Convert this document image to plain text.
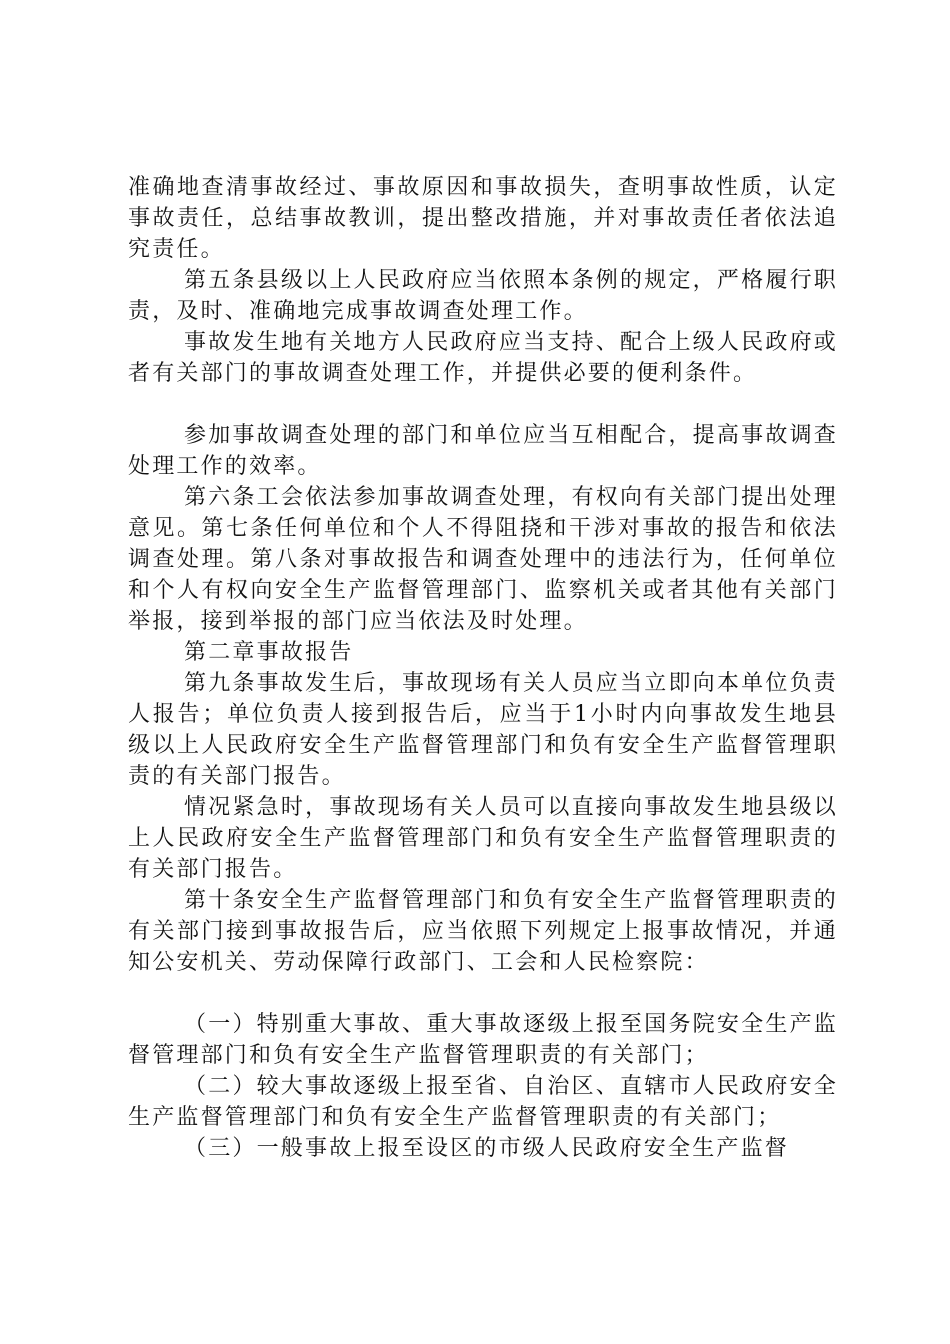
准确地查清事故经过、事故原因和事故损失，查明事故性质，认定事故责任，总结事故教训，提出整改措施，并对事故责任者依法追究责任。

第五条县级以上人民政府应当依照本条例的规定，严格履行职责，及时、准确地完成事故调查处理工作。

事故发生地有关地方人民政府应当支持、配合上级人民政府或者有关部门的事故调查处理工作，并提供必要的便利条件。

参加事故调查处理的部门和单位应当互相配合，提高事故调查处理工作的效率。

第六条工会依法参加事故调查处理，有权向有关部门提出处理意见。第七条任何单位和个人不得阻挠和干涉对事故的报告和依法调查处理。第八条对事故报告和调查处理中的违法行为，任何单位和个人有权向安全生产监督管理部门、监察机关或者其他有关部门举报，接到举报的部门应当依法及时处理。

第二章事故报告

第九条事故发生后，事故现场有关人员应当立即向本单位负责人报告；单位负责人接到报告后，应当于1小时内向事故发生地县级以上人民政府安全生产监督管理部门和负有安全生产监督管理职责的有关部门报告。

情况紧急时，事故现场有关人员可以直接向事故发生地县级以上人民政府安全生产监督管理部门和负有安全生产监督管理职责的有关部门报告。

第十条安全生产监督管理部门和负有安全生产监督管理职责的有关部门接到事故报告后，应当依照下列规定上报事故情况，并通知公安机关、劳动保障行政部门、工会和人民检察院：

（一）特别重大事故、重大事故逐级上报至国务院安全生产监督管理部门和负有安全生产监督管理职责的有关部门；

（二）较大事故逐级上报至省、自治区、直辖市人民政府安全生产监督管理部门和负有安全生产监督管理职责的有关部门；

（三）一般事故上报至设区的市级人民政府安全生产监督
